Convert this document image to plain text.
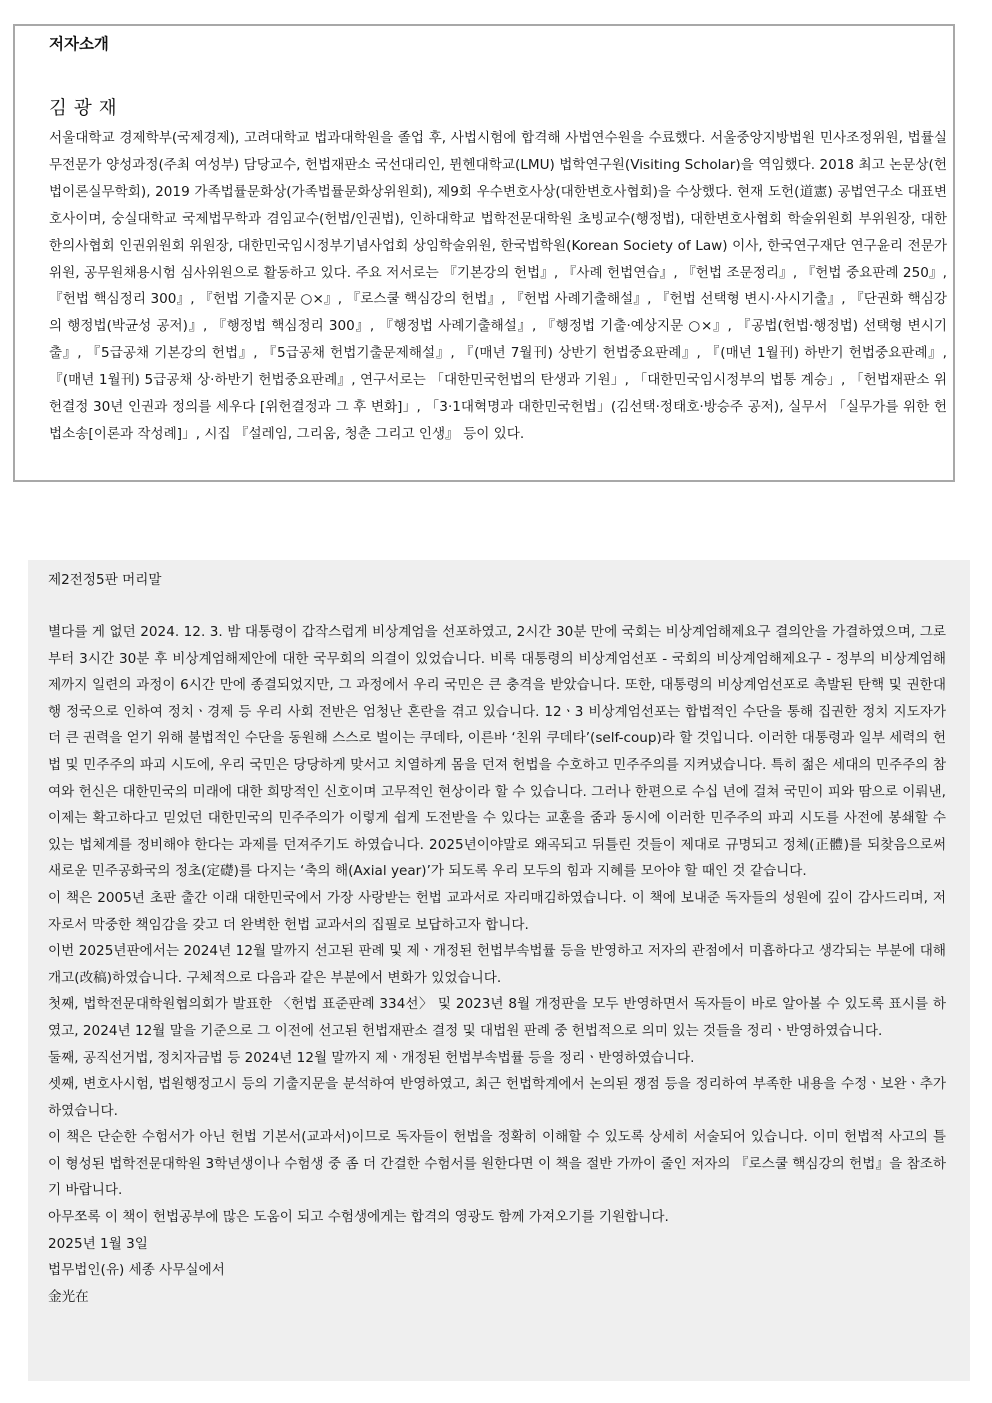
저자소개
김광재

서울대학교 경제학부(국제경제), 고려대학교 법과대학원을 졸업 후, 사법시험에 합격해 사법연수원을 수료했다. 서울중앙지방법원 민사조정위원, 법률실무전문가 양성과정(주최 여성부) 담당교수, 헌법재판소 국선대리인, 뮌헨대학교(LMU) 법학연구원(Visiting Scholar)을 역임했다. 2018 최고 논문상(헌법이론실무학회), 2019 가족법률문화상(가족법률문화상위원회), 제9회 우수변호사상(대한변호사협회)을 수상했다. 현재 도헌(道憲) 공법연구소 대표변호사이며, 숭실대학교 국제법무학과 겸임교수(헌법/인권법), 인하대학교 법학전문대학원 초빙교수(행정법), 대한변호사협회 학술위원회 부위원장, 대한한의사협회 인권위원회 위원장, 대한민국임시정부기념사업회 상임학술위원, 한국법학원(Korean Society of Law) 이사, 한국연구재단 연구윤리 전문가 위원, 공무원채용시험 심사위원으로 활동하고 있다. 주요 저서로는 『기본강의 헌법』, 『사례 헌법연습』, 『헌법 조문정리』, 『헌법 중요판례 250』, 『헌법 핵심정리 300』, 『헌법 기출지문 ○×』, 『로스쿨 핵심강의 헌법』, 『헌법 사례기출해설』, 『헌법 선택형 변시·사시기출』, 『단권화 핵심강의 행정법(박균성 공저)』, 『행정법 핵심정리 300』, 『행정법 사례기출해설』, 『행정법 기출·예상지문 ○×』, 『공법(헌법·행정법) 선택형 변시기출』, 『5급공채 기본강의 헌법』, 『5급공채 헌법기출문제해설』, 『(매년 7월刊) 상반기 헌법중요판례』, 『(매년 1월刊) 하반기 헌법중요판례』, 『(매년 1월刊) 5급공채 상·하반기 헌법중요판례』, 연구서로는 「대한민국헌법의 탄생과 기원」, 「대한민국임시정부의 법통 계승」, 「헌법재판소 위헌결정 30년 인권과 정의를 세우다 [위헌결정과 그 후 변화]」, 「3·1대혁명과 대한민국헌법」(김선택·정태호·방승주 공저), 실무서 「실무가를 위한 헌법소송[이론과 작성례]」, 시집 『설레임, 그리움, 청춘 그리고 인생』 등이 있다.

제2전정5판 머리말

별다를 게 없던 2024. 12. 3. 밤 대통령이 갑작스럽게 비상계엄을 선포하였고, 2시간 30분 만에 국회는 비상계엄해제요구 결의안을 가결하였으며, 그로부터 3시간 30분 후 비상계엄해제안에 대한 국무회의 의결이 있었습니다. 비록 대통령의 비상계엄선포 - 국회의 비상계엄해제요구 - 정부의 비상계엄해제까지 일련의 과정이 6시간 만에 종결되었지만, 그 과정에서 우리 국민은 큰 충격을 받았습니다. 또한, 대통령의 비상계엄선포로 촉발된 탄핵 및 권한대행 정국으로 인하여 정치ㆍ경제 등 우리 사회 전반은 엄청난 혼란을 겪고 있습니다. 12ㆍ3 비상계엄선포는 합법적인 수단을 통해 집권한 정치 지도자가 더 큰 권력을 얻기 위해 불법적인 수단을 동원해 스스로 벌이는 쿠데타, 이른바 ‘친위 쿠데타’(self-coup)라 할 것입니다. 이러한 대통령과 일부 세력의 헌법 및 민주주의 파괴 시도에, 우리 국민은 당당하게 맞서고 치열하게 몸을 던져 헌법을 수호하고 민주주의를 지켜냈습니다. 특히 젊은 세대의 민주주의 참여와 헌신은 대한민국의 미래에 대한 희망적인 신호이며 고무적인 현상이라 할 수 있습니다. 그러나 한편으로 수십 년에 걸쳐 국민이 피와 땀으로 이뤄낸, 이제는 확고하다고 믿었던 대한민국의 민주주의가 이렇게 쉽게 도전받을 수 있다는 교훈을 줌과 동시에 이러한 민주주의 파괴 시도를 사전에 봉쇄할 수 있는 법체계를 정비해야 한다는 과제를 던져주기도 하였습니다. 2025년이야말로 왜곡되고 뒤틀린 것들이 제대로 규명되고 정체(正體)를 되찾음으로써 새로운 민주공화국의 정초(定礎)를 다지는 ‘축의 해(Axial year)’가 되도록 우리 모두의 힘과 지혜를 모아야 할 때인 것 같습니다.

이 책은 2005년 초판 출간 이래 대한민국에서 가장 사랑받는 헌법 교과서로 자리매김하였습니다. 이 책에 보내준 독자들의 성원에 깊이 감사드리며, 저자로서 막중한 책임감을 갖고 더 완벽한 헌법 교과서의 집필로 보답하고자 합니다.

이번 2025년판에서는 2024년 12월 말까지 선고된 판례 및 제ㆍ개정된 헌법부속법률 등을 반영하고 저자의 관점에서 미흡하다고 생각되는 부분에 대해 개고(改稿)하였습니다. 구체적으로 다음과 같은 부분에서 변화가 있었습니다.

첫째, 법학전문대학원협의회가 발표한 〈헌법 표준판례 334선〉 및 2023년 8월 개정판을 모두 반영하면서 독자들이 바로 알아볼 수 있도록 표시를 하였고, 2024년 12월 말을 기준으로 그 이전에 선고된 헌법재판소 결정 및 대법원 판례 중 헌법적으로 의미 있는 것들을 정리ㆍ반영하였습니다.

둘째, 공직선거법, 정치자금법 등 2024년 12월 말까지 제ㆍ개정된 헌법부속법률 등을 정리ㆍ반영하였습니다.

셋째, 변호사시험, 법원행정고시 등의 기출지문을 분석하여 반영하였고, 최근 헌법학계에서 논의된 쟁점 등을 정리하여 부족한 내용을 수정ㆍ보완ㆍ추가하였습니다.

이 책은 단순한 수험서가 아닌 헌법 기본서(교과서)이므로 독자들이 헌법을 정확히 이해할 수 있도록 상세히 서술되어 있습니다. 이미 헌법적 사고의 틀이 형성된 법학전문대학원 3학년생이나 수험생 중 좀 더 간결한 수험서를 원한다면 이 책을 절반 가까이 줄인 저자의 『로스쿨 핵심강의 헌법』을 참조하기 바랍니다.

아무쪼록 이 책이 헌법공부에 많은 도움이 되고 수험생에게는 합격의 영광도 함께 가져오기를 기원합니다.

2025년 1월 3일

법무법인(유) 세종 사무실에서

金光在
